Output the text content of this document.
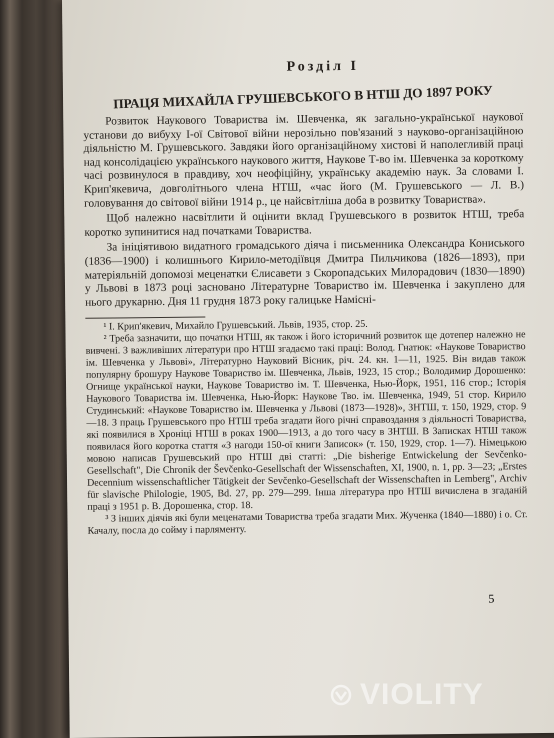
Розділ I
ПРАЦЯ МИХАЙЛА ГРУШЕВСЬКОГО В НТШ ДО 1897 РОКУ

Розвиток Наукового Товариства ім. Шевченка, як загально-української наукової установи до вибуху І-ої Світової війни нерозільно пов'язаний з науково-організаційною діяльністю М. Грушевського. Завдяки його організаційному хистові й наполегливій праці над консолідацією українського наукового життя, Наукове Т-во ім. Шевченка за короткому часі розвинулося в правдиву, хоч неофіційну, українську академію наук. За словами І. Крип'якевича, довголітнього члена НТШ, «час його (М. Грушевського — Л. В.) головування до світової війни 1914 р., це найсвітліша доба в розвитку Товариства».

Щоб належно насвітлити й оцінити вклад Грушевського в розвиток НТШ, треба коротко зупинитися над початками Товариства.

За ініціятивою видатного громадського діяча і письменника Олександра Кониського (1836—1900) і колишнього Кирило-методіївця Дмитра Пильчикова (1826—1893), при матеріяльній допомозі меценатки Єлисавети з Скоропадських Милорадович (1830—1890) у Львові в 1873 році засновано Літературне Товариство ім. Шевченка і закуплено для нього друкарню. Дня 11 грудня 1873 року галицьке Наміснi-

¹ І. Крип'якевич, Михайло Грушевський. Львів, 1935, стор. 25.

² Треба зазначити, що початки НТШ, як також і його історичний розвиток ще дотепер належно не вивчені. З важливіших літератури про НТШ згадаємо такі праці: Волод. Гнатюк: «Наукове Товариство ім. Шевченка у Львові», Літературно Науковий Вісник, річ. 24. кн. 1—11, 1925. Він видав також популярну брошуру Наукове Товариство ім. Шевченка, Львів, 1923, 15 стор.; Володимир Дорошенко: Огнище української науки, Наукове Товариство ім. Т. Шевченка, Нью-Йорк, 1951, 116 стор.; Історія Наукового Товариства ім. Шевченка, Нью-Йорк: Наукове Тво. ім. Шевченка, 1949, 51 стор. Кирило Студинський: «Наукове Товариство ім. Шевченка у Львові (1873—1928)», ЗНТШ, т. 150, 1929, стор. 9—18. З праць Грушевського про НТШ треба згадати його річні справоздання з діяльності Товариства, які появилися в Хроніці НТШ в роках 1900—1913, а до того часу в ЗНТШ. В Записках НТШ також появилася його коротка стаття «З нагоди 150-ої книги Записок» (т. 150, 1929, стор. 1—7). Німецькою мовою написав Грушевський про НТШ дві статті: „Die bisherige Entwickelung der Sevčenko-Gesellschaft", Die Chronik der Ševčenko-Gesellschaft der Wissenschaften, XI, 1900, n. 1, pp. 3—23; „Erstes Decennium wissenschaftlicher Tätigkeit der Sevčenko-Gesellschaft der Wissenschaften in Lemberg", Archiv für slavische Philologie, 1905, Bd. 27, pp. 279—299. Інша література про НТШ вичислена в згаданій праці з 1951 р. В. Дорошенка, стор. 18.

³ З інших діячів які були меценатами Товариства треба згадати Мих. Жученка (1840—1880) і о. Ст. Качалу, посла до сойму і парляменту.

5
VIOLITY
